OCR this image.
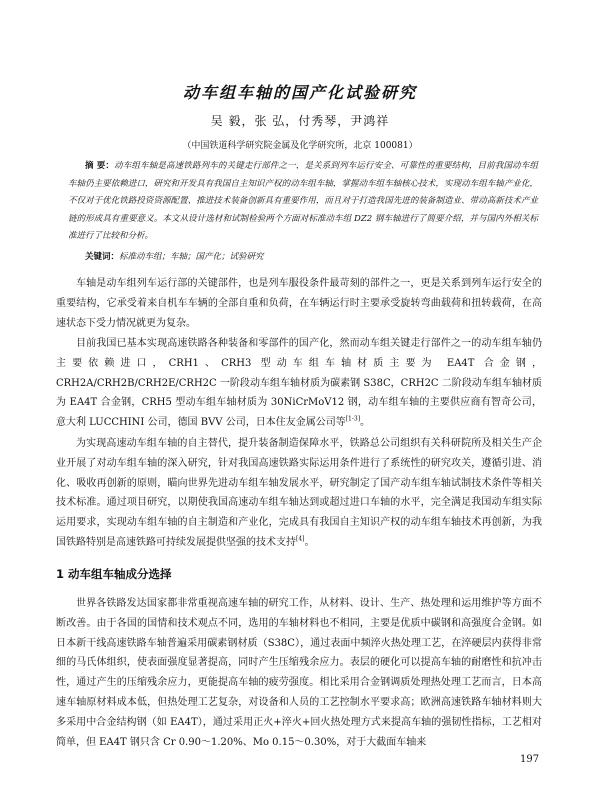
动车组车轴的国产化试验研究
吴 毅，张 弘，付秀琴，尹鸿祥
（中国铁道科学研究院金属及化学研究所，北京 100081）
摘 要：动车组车轴是高速铁路列车的关键走行部件之一，是关系到列车运行安全、可靠性的重要结构，目前我国动车组车轴仍主要依赖进口，研究和开发具有我国自主知识产权的动车组车轴，掌握动车组车轴核心技术，实现动车组车轴产业化，不仅对于优化铁路投资资源配置、推进技术装备创新具有重要作用，而且对于打造我国先进的装备制造业、带动高新技术产业链的形成具有重要意义。本文从设计选材和试制检验两个方面对标准动车组 DZ2 钢车轴进行了简要介绍，并与国内外相关标准进行了比较和分析。
关键词：标准动车组；车轴；国产化；试验研究
车轴是动车组列车运行部的关键部件，也是列车服役条件最苛刻的部件之一，更是关系到列车运行安全的重要结构，它承受着来自机车车辆的全部自重和负荷，在车辆运行时主要承受旋转弯曲载荷和扭转载荷，在高速状态下受力情况就更为复杂。
目前我国已基本实现高速铁路各种装备和零部件的国产化，然而动车组关键走行部件之一的动车组车轴仍主要依赖进口，CRH1、CRH3 型动车组车轴材质主要为 EA4T 合金钢，CRH2A/CRH2B/CRH2E/CRH2C 一阶段动车组车轴材质为碳素钢 S38C，CRH2C 二阶段动车组车轴材质为 EA4T 合金钢，CRH5 型动车组车轴材质为 30NiCrMoV12 钢，动车组车轴的主要供应商有智奇公司，意大利 LUCCHINI 公司，德国 BVV 公司，日本住友金属公司等[1-3]。
为实现高速动车组车轴的自主替代，提升装备制造保障水平，铁路总公司组织有关科研院所及相关生产企业开展了对动车组车轴的深入研究，针对我国高速铁路实际运用条件进行了系统性的研究攻关，遵循引进、消化、吸收再创新的原则，瞄向世界先进动车组车轴发展水平，研究制定了国产动车组车轴试制技术条件等相关技术标准。通过项目研究，以期使我国高速动车组车轴达到或超过进口车轴的水平，完全满足我国动车组实际运用要求，实现动车组车轴的自主制造和产业化，完成具有我国自主知识产权的动车组车轴技术再创新，为我国铁路特别是高速铁路可持续发展提供坚强的技术支持[4]。
1 动车组车轴成分选择
世界各铁路发达国家都非常重视高速车轴的研究工作，从材料、设计、生产、热处理和运用维护等方面不断改善。由于各国的国情和技术观点不同，选用的车轴材料也不相同，主要是优质中碳钢和高强度合金钢。如日本新干线高速铁路车轴普遍采用碳素钢材质（S38C），通过表面中频淬火热处理工艺，在淬硬层内获得非常细的马氏体组织，使表面强度显著提高，同时产生压缩残余应力。表层的硬化可以提高车轴的耐磨性和抗冲击性，通过产生的压缩残余应力，更能提高车轴的疲劳强度。相比采用合金钢调质处理热处理工艺而言，日本高速车轴原材料成本低，但热处理工艺复杂，对设备和人员的工艺控制水平要求高；欧洲高速铁路车轴材料则大多采用中合金结构钢（如 EA4T），通过采用正火+淬火+回火热处理方式来提高车轴的强韧性指标，工艺相对简单，但 EA4T 钢只含 Cr 0.90～1.20%、Mo 0.15～0.30%，对于大截面车轴来
197
